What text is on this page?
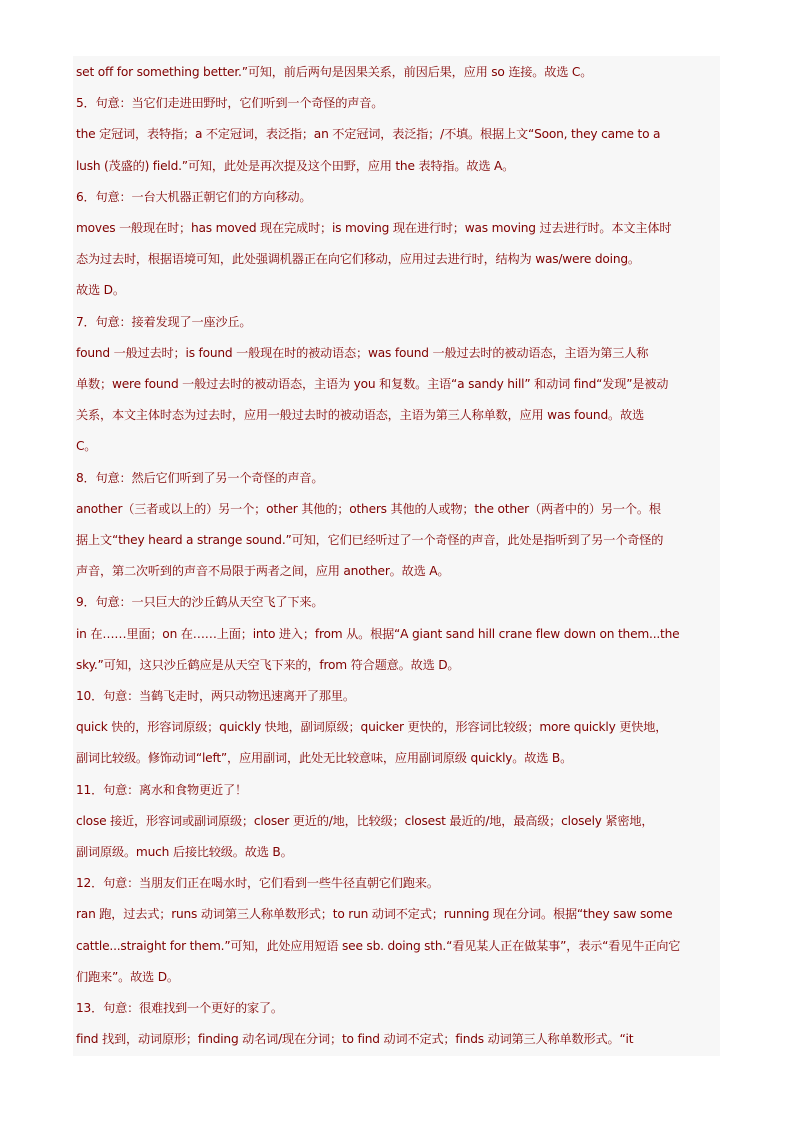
set off for something better.”可知，前后两句是因果关系，前因后果，应用 so 连接。故选 C。
5．句意：当它们走进田野时，它们听到一个奇怪的声音。
the 定冠词，表特指；a 不定冠词，表泛指；an 不定冠词，表泛指；/不填。根据上文“Soon, they came to a
lush (茂盛的) field.”可知，此处是再次提及这个田野，应用 the 表特指。故选 A。
6．句意：一台大机器正朝它们的方向移动。
moves 一般现在时；has moved 现在完成时；is moving 现在进行时；was moving 过去进行时。本文主体时
态为过去时，根据语境可知，此处强调机器正在向它们移动，应用过去进行时，结构为 was/were doing。
故选 D。
7．句意：接着发现了一座沙丘。
found 一般过去时；is found 一般现在时的被动语态；was found 一般过去时的被动语态，主语为第三人称
单数；were found 一般过去时的被动语态，主语为 you 和复数。主语“a sandy hill” 和动词 find“发现”是被动
关系，本文主体时态为过去时，应用一般过去时的被动语态，主语为第三人称单数，应用 was found。故选
C。
8．句意：然后它们听到了另一个奇怪的声音。
another（三者或以上的）另一个；other 其他的；others 其他的人或物；the other（两者中的）另一个。根
据上文“they heard a strange sound.”可知，它们已经听过了一个奇怪的声音，此处是指听到了另一个奇怪的
声音，第二次听到的声音不局限于两者之间，应用 another。故选 A。
9．句意：一只巨大的沙丘鹤从天空飞了下来。
in 在……里面；on 在……上面；into 进入；from 从。根据“A giant sand hill crane flew down on them...the
sky.”可知，这只沙丘鹤应是从天空飞下来的，from 符合题意。故选 D。
10．句意：当鹤飞走时，两只动物迅速离开了那里。
quick 快的，形容词原级；quickly 快地，副词原级；quicker 更快的，形容词比较级；more quickly 更快地，
副词比较级。修饰动词“left”，应用副词，此处无比较意味，应用副词原级 quickly。故选 B。
11．句意：离水和食物更近了！
close 接近，形容词或副词原级；closer 更近的/地，比较级；closest 最近的/地，最高级；closely 紧密地，
副词原级。much 后接比较级。故选 B。
12．句意：当朋友们正在喝水时，它们看到一些牛径直朝它们跑来。
ran 跑，过去式；runs 动词第三人称单数形式；to run 动词不定式；running 现在分词。根据“they saw some
cattle...straight for them.”可知，此处应用短语 see sb. doing sth.“看见某人正在做某事”，表示“看见牛正向它
们跑来”。故选 D。
13．句意：很难找到一个更好的家了。
find 找到，动词原形；finding 动名词/现在分词；to find 动词不定式；finds 动词第三人称单数形式。“it
